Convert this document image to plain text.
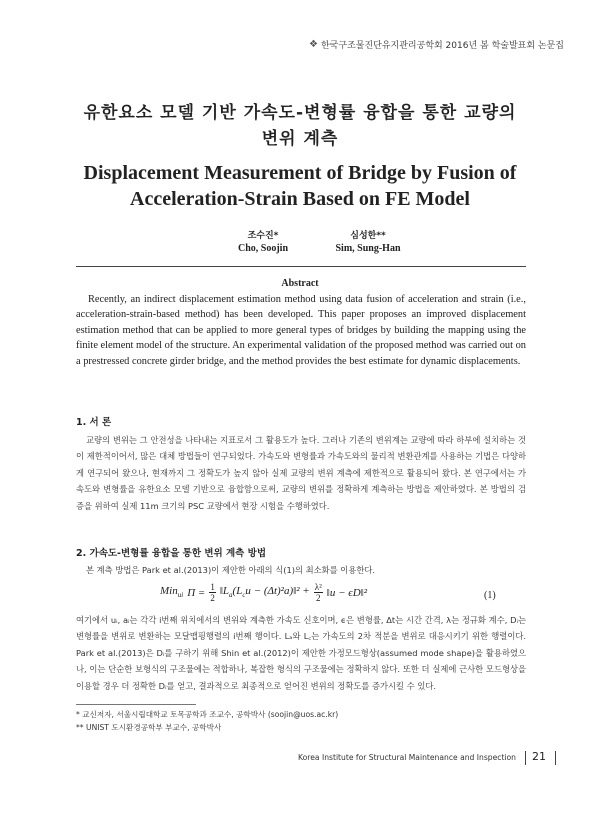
❖ 한국구조물진단유지관리공학회 2016년 봄 학술발표회 논문집
유한요소 모델 기반 가속도-변형률 융합을 통한 교량의
변위 계측
Displacement Measurement of Bridge by Fusion of
Acceleration-Strain Based on FE Model
조수진*
Cho, Soojin
심성한**
Sim, Sung-Han
Abstract

Recently, an indirect displacement estimation method using data fusion of acceleration and strain (i.e., acceleration-strain-based method) has been developed. This paper proposes an improved displacement estimation method that can be applied to more general types of bridges by building the mapping using the finite element model of the structure. An experimental validation of the proposed method was carried out on a prestressed concrete girder bridge, and the method provides the best estimate for dynamic displacements.

1. 서 론

교량의 변위는 그 안전성을 나타내는 지표로서 그 활용도가 높다. 그러나 기존의 변위계는 교량에 따라 하부에 설치하는 것이 제한적이어서, 많은 대체 방법들이 연구되었다. 가속도와 변형률과 가속도와의 물리적 변환관계를 사용하는 기법은 다양하게 연구되어 왔으나, 현재까지 그 정확도가 높지 않아 실제 교량의 변위 계측에 제한적으로 활용되어 왔다. 본 연구에서는 가속도와 변형률을 유한요소 모델 기반으로 융합함으로써, 교량의 변위를 정확하게 계측하는 방법을 제안하였다. 본 방법의 검증을 위하여 실제 11m 크기의 PSC 교량에서 현장 시험을 수행하였다.

2. 가속도-변형률 융합을 통한 변위 계측 방법

본 계측 방법은 Park et al.(2013)이 제안한 아래의 식(1)의 최소화를 이용한다.

Min$_{ui}$ $\Pi = \frac{1}{2}$ $‖L_a(L_cu$ − (Δt)²a)‖² + $\frac{\text{λ²}}{2}$ ‖u − ϵD‖²	(1)

여기에서 uᵢ, aᵢ는 각각 i번째 위치에서의 변위와 계측한 가속도 신호이며, ϵ은 변형률, Δt는 시간 간격, λ는 정규화 계수, Dᵢ는 변형률을 변위로 변환하는 모달맵핑행렬의 i번째 행이다. Lₐ와 L꜀는 가속도의 2차 적분을 변위로 대응시키기 위한 행렬이다. Park et al.(2013)은 Dᵢ를 구하기 위해 Shin et al.(2012)이 제안한 가정모드형상(assumed mode shape)을 활용하였으나, 이는 단순한 보형식의 구조물에는 적합하나, 복잡한 형식의 구조물에는 정확하지 않다. 또한 더 실제에 근사한 모드형상을 이용할 경우 더 정확한 Dᵢ를 얻고, 결과적으로 최종적으로 얻어진 변위의 정확도를 증가시킬 수 있다.

* 교신저자, 서울시립대학교 토목공학과 조교수, 공학박사 (soojin@uos.ac.kr)
** UNIST 도시환경공학부 부교수, 공학박사
Korea Institute for Structural Maintenance and Inspection 21
